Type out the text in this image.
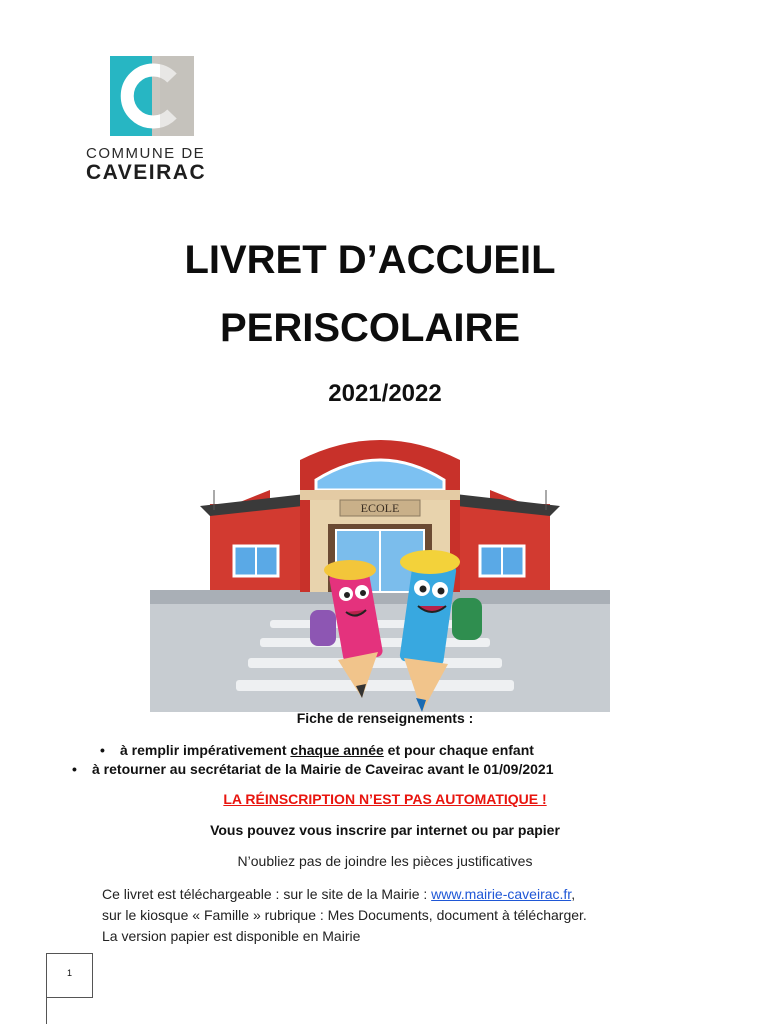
COMMUNE DE
CAVEIRAC
LIVRET D’ACCUEIL
PERISCOLAIRE
2021/2022
ECOLE
Fiche de renseignements :
• à remplir impérativement chaque année et pour chaque enfant
• à retourner au secrétariat de la Mairie de Caveirac avant le 01/09/2021
LA RÉINSCRIPTION N’EST PAS AUTOMATIQUE !
Vous pouvez vous inscrire par internet ou par papier
N’oubliez pas de joindre les pièces justificatives
Ce livret est téléchargeable : sur le site de la Mairie : www.mairie-caveirac.fr,
sur le kiosque « Famille » rubrique : Mes Documents, document à télécharger.
La version papier est disponible en Mairie
1
